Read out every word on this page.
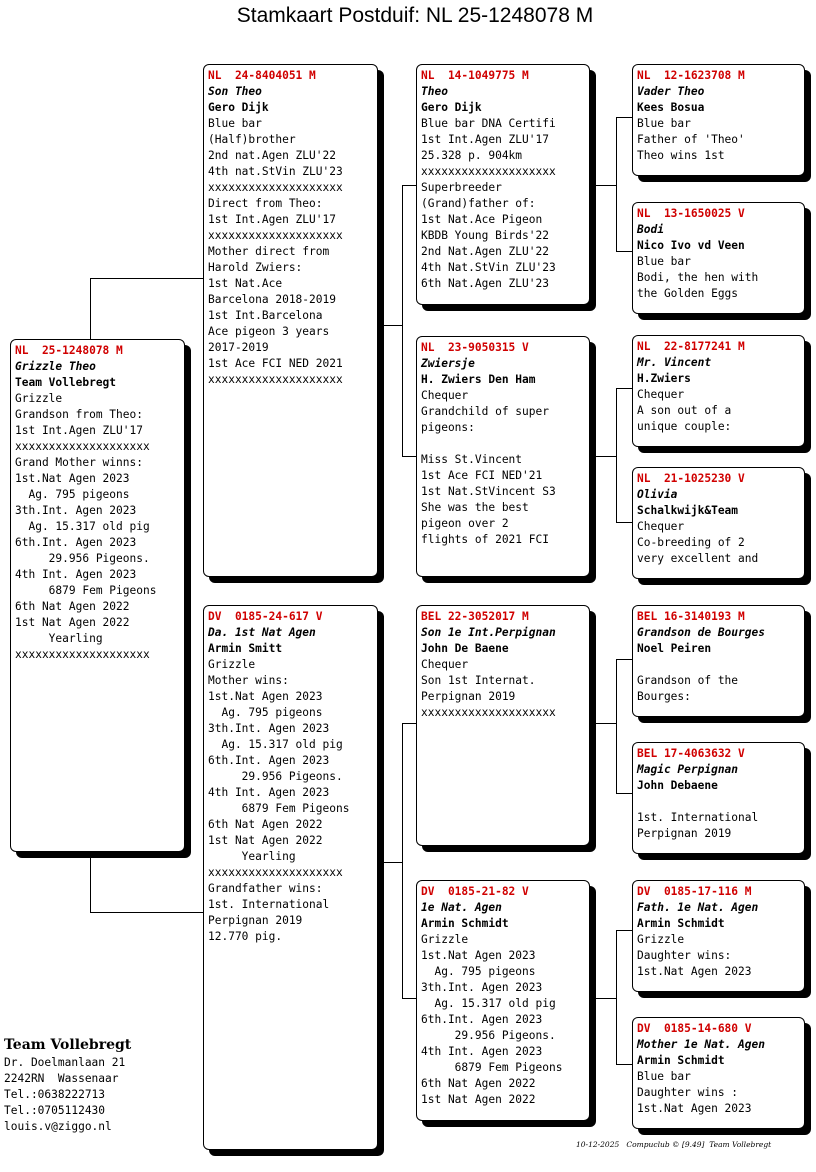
Stamkaart Postduif: NL 25-1248078 M
NL  25-1248078 M
Grizzle Theo
Team Vollebregt
Grizzle
Grandson from Theo:
1st Int.Agen ZLU'17
xxxxxxxxxxxxxxxxxxxx
Grand Mother winns:
1st.Nat Agen 2023
Ag. 795 pigeons
3th.Int. Agen 2023
Ag. 15.317 old pig
6th.Int. Agen 2023
29.956 Pigeons.
4th Int. Agen 2023
6879 Fem Pigeons
6th Nat Agen 2022
1st Nat Agen 2022
Yearling
xxxxxxxxxxxxxxxxxxxx
NL  24-8404051 M
Son Theo
Gero Dijk
Blue bar
(Half)brother
2nd nat.Agen ZLU'22
4th nat.StVin ZLU'23
xxxxxxxxxxxxxxxxxxxx
Direct from Theo:
1st Int.Agen ZLU'17
xxxxxxxxxxxxxxxxxxxx
Mother direct from
Harold Zwiers:
1st Nat.Ace
Barcelona 2018-2019
1st Int.Barcelona
Ace pigeon 3 years
2017-2019
1st Ace FCI NED 2021
xxxxxxxxxxxxxxxxxxxx
DV  0185-24-617 V
Da. 1st Nat Agen
Armin Smitt
Grizzle
Mother wins:
1st.Nat Agen 2023
Ag. 795 pigeons
3th.Int. Agen 2023
Ag. 15.317 old pig
6th.Int. Agen 2023
29.956 Pigeons.
4th Int. Agen 2023
6879 Fem Pigeons
6th Nat Agen 2022
1st Nat Agen 2022
Yearling
xxxxxxxxxxxxxxxxxxxx
Grandfather wins:
1st. International
Perpignan 2019
12.770 pig.
NL  14-1049775 M
Theo
Gero Dijk
Blue bar DNA Certifi
1st Int.Agen ZLU'17
25.328 p. 904km
xxxxxxxxxxxxxxxxxxxx
Superbreeder
(Grand)father of:
1st Nat.Ace Pigeon
KBDB Young Birds'22
2nd Nat.Agen ZLU'22
4th Nat.StVin ZLU'23
6th Nat.Agen ZLU'23
NL  23-9050315 V
Zwiersje
H. Zwiers Den Ham
Chequer
Grandchild of super
pigeons:

Miss St.Vincent
1st Ace FCI NED'21
1st Nat.StVincent S3
She was the best
pigeon over 2
flights of 2021 FCI
BEL 22-3052017 M
Son 1e Int.Perpignan
John De Baene
Chequer
Son 1st Internat.
Perpignan 2019
xxxxxxxxxxxxxxxxxxxx
DV  0185-21-82 V
1e Nat. Agen
Armin Schmidt
Grizzle
1st.Nat Agen 2023
Ag. 795 pigeons
3th.Int. Agen 2023
Ag. 15.317 old pig
6th.Int. Agen 2023
29.956 Pigeons.
4th Int. Agen 2023
6879 Fem Pigeons
6th Nat Agen 2022
1st Nat Agen 2022
NL  12-1623708 M
Vader Theo
Kees Bosua
Blue bar
Father of 'Theo'
Theo wins 1st
NL  13-1650025 V
Bodi
Nico Ivo vd Veen
Blue bar
Bodi, the hen with
the Golden Eggs
NL  22-8177241 M
Mr. Vincent
H.Zwiers
Chequer
A son out of a
unique couple:
NL  21-1025230 V
Olivia
Schalkwijk&Team
Chequer
Co-breeding of 2
very excellent and
BEL 16-3140193 M
Grandson de Bourges
Noel Peiren

Grandson of the
Bourges:
BEL 17-4063632 V
Magic Perpignan
John Debaene

1st. International
Perpignan 2019
DV  0185-17-116 M
Fath. 1e Nat. Agen
Armin Schmidt
Grizzle
Daughter wins:
1st.Nat Agen 2023
DV  0185-14-680 V
Mother 1e Nat. Agen
Armin Schmidt
Blue bar
Daughter wins :
1st.Nat Agen 2023
Team Vollebregt
Dr. Doelmanlaan 21
2242RN  Wassenaar
Tel.:0638222713
Tel.:0705112430
louis.v@ziggo.nl
10-12-2025   Compuclub © [9.49]  Team Vollebregt
